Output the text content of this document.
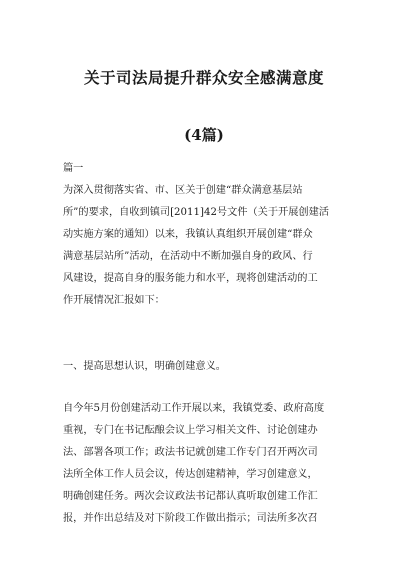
关于司法局提升群众安全感满意度
(4篇)

篇一

为深入贯彻落实省、市、区关于创建“群众满意基层站
所”的要求，自收到镇司[2011]42号文件（关于开展创建活
动实施方案的通知）以来，我镇认真组织开展创建“群众
满意基层站所”活动，在活动中不断加强自身的政风、行
风建设，提高自身的服务能力和水平，现将创建活动的工
作开展情况汇报如下：

一、提高思想认识，明确创建意义。

自今年5月份创建活动工作开展以来，我镇党委、政府高度
重视，专门在书记酝酿会议上学习相关文件、讨论创建办
法、部署各项工作；政法书记就创建工作专门召开两次司
法所全体工作人员会议，传达创建精神，学习创建意义，
明确创建任务。两次会议政法书记都认真听取创建工作汇
报，并作出总结及对下阶段工作做出指示；司法所多次召
